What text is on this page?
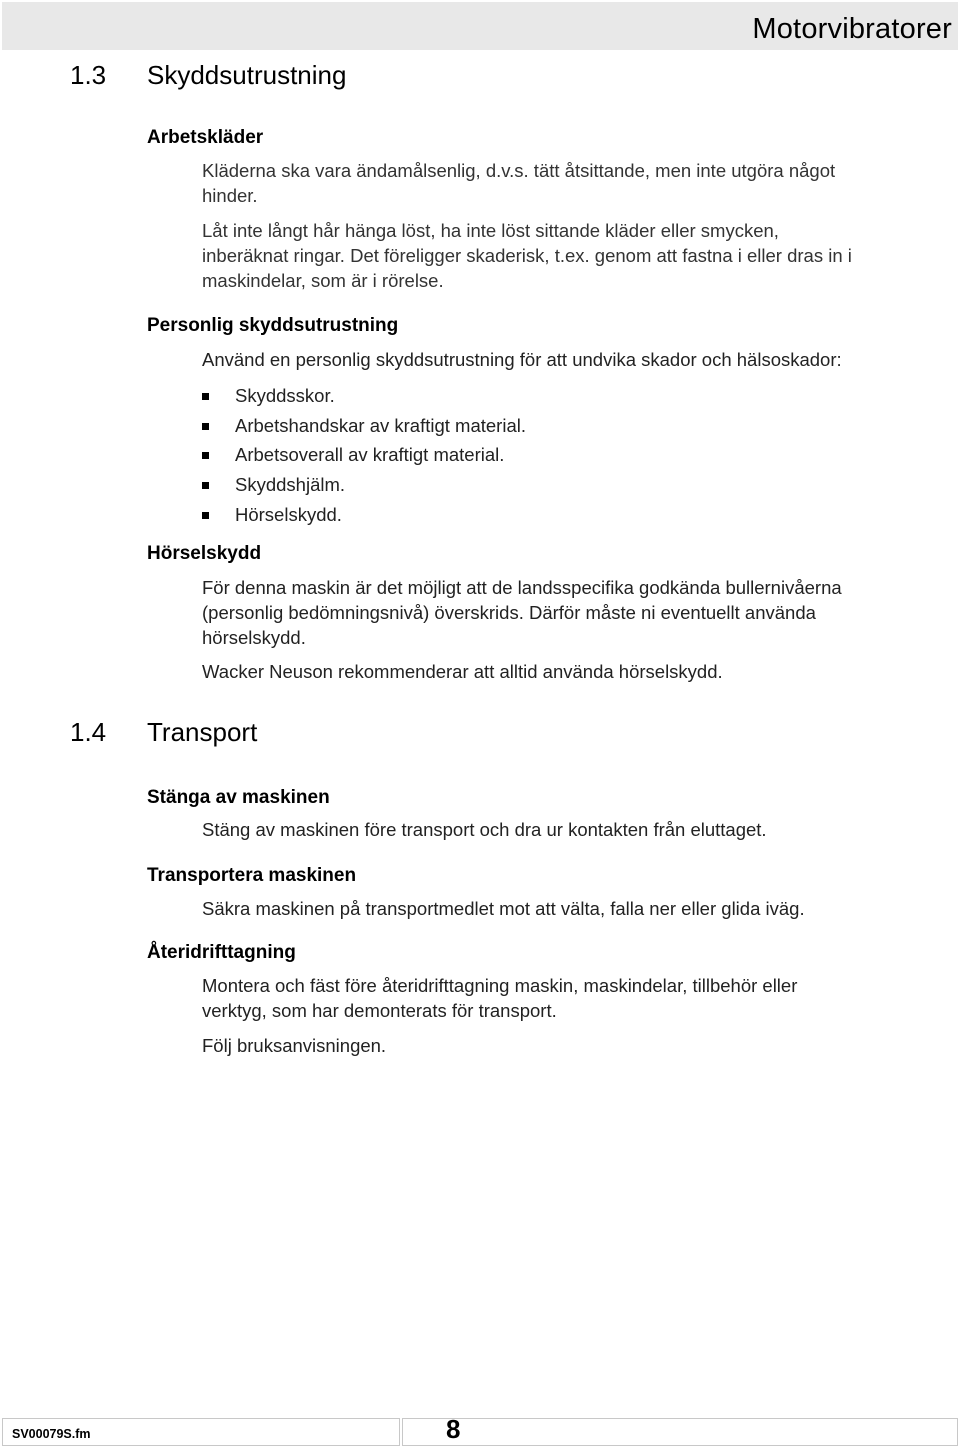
Motorvibratorer
1.3 Skyddsutrustning
Arbetskläder
Kläderna ska vara ändamålsenlig, d.v.s. tätt åtsittande, men inte utgöra något
hinder.
Låt inte långt hår hänga löst, ha inte löst sittande kläder eller smycken,
inberäknat ringar. Det föreligger skaderisk, t.ex. genom att fastna i eller dras in i
maskindelar, som är i rörelse.
Personlig skyddsutrustning
Använd en personlig skyddsutrustning för att undvika skador och hälsoskador:
Skyddsskor.
Arbetshandskar av kraftigt material.
Arbetsoverall av kraftigt material.
Skyddshjälm.
Hörselskydd.
Hörselskydd
För denna maskin är det möjligt att de landsspecifika godkända bullernivåerna
(personlig bedömningsnivå) överskrids. Därför måste ni eventuellt använda
hörselskydd.
Wacker Neuson rekommenderar att alltid använda hörselskydd.
1.4 Transport
Stänga av maskinen
Stäng av maskinen före transport och dra ur kontakten från eluttaget.
Transportera maskinen
Säkra maskinen på transportmedlet mot att välta, falla ner eller glida iväg.
Återidrifttagning
Montera och fäst före återidrifttagning maskin, maskindelar, tillbehör eller
verktyg, som har demonterats för transport.
Följ bruksanvisningen.
SV00079S.fm	8
